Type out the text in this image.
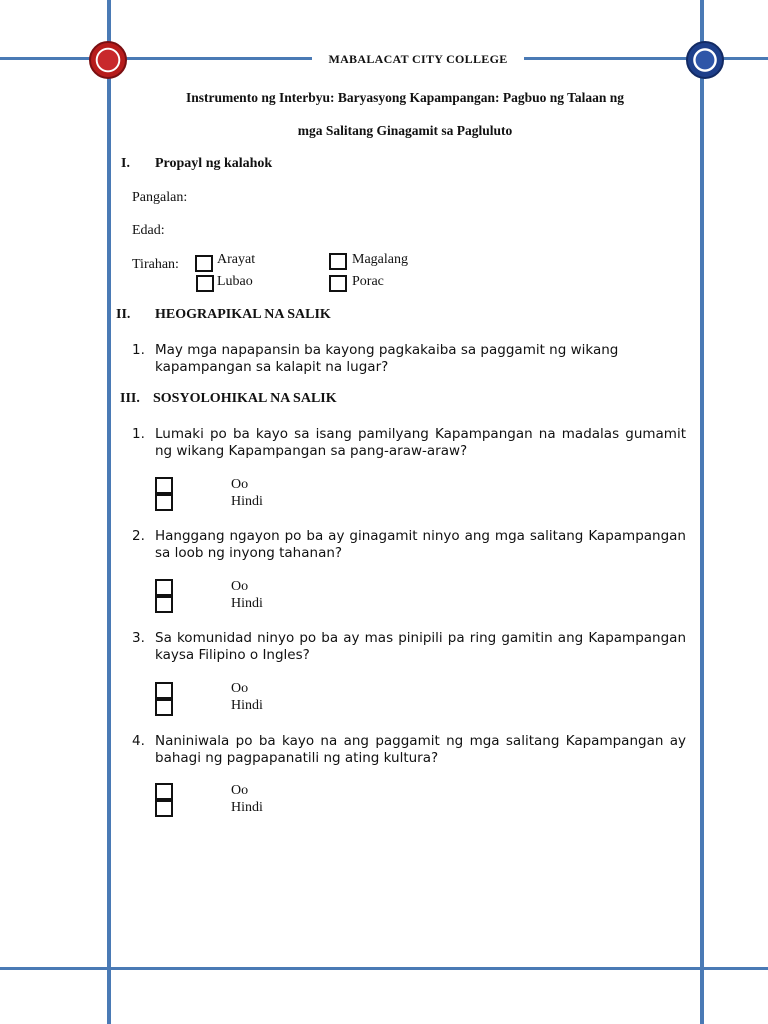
MABALACAT CITY COLLEGE
Instrumento ng Interbyu: Baryasyong Kapampangan: Pagbuo ng Talaan ng
mga Salitang Ginagamit sa Pagluluto
I. Propayl ng kalahok
Pangalan:
Edad:
Tirahan:	Arayat	Magalang
Lubao	Porac
II. HEOGRAPIKAL NA SALIK
1. May mga napapansin ba kayong pagkakaiba sa paggamit ng wikang kapampangan sa kalapit na lugar?
III. SOSYOLOHIKAL NA SALIK
1. Lumaki po ba kayo sa isang pamilyang Kapampangan na madalas gumamit ng wikang Kapampangan sa pang-araw-araw?
Oo
Hindi
2. Hanggang ngayon po ba ay ginagamit ninyo ang mga salitang Kapampangan sa loob ng inyong tahanan?
Oo
Hindi
3. Sa komunidad ninyo po ba ay mas pinipili pa ring gamitin ang Kapampangan kaysa Filipino o Ingles?
Oo
Hindi
4. Naniniwala po ba kayo na ang paggamit ng mga salitang Kapampangan ay bahagi ng pagpapanatili ng ating kultura?
Oo
Hindi
